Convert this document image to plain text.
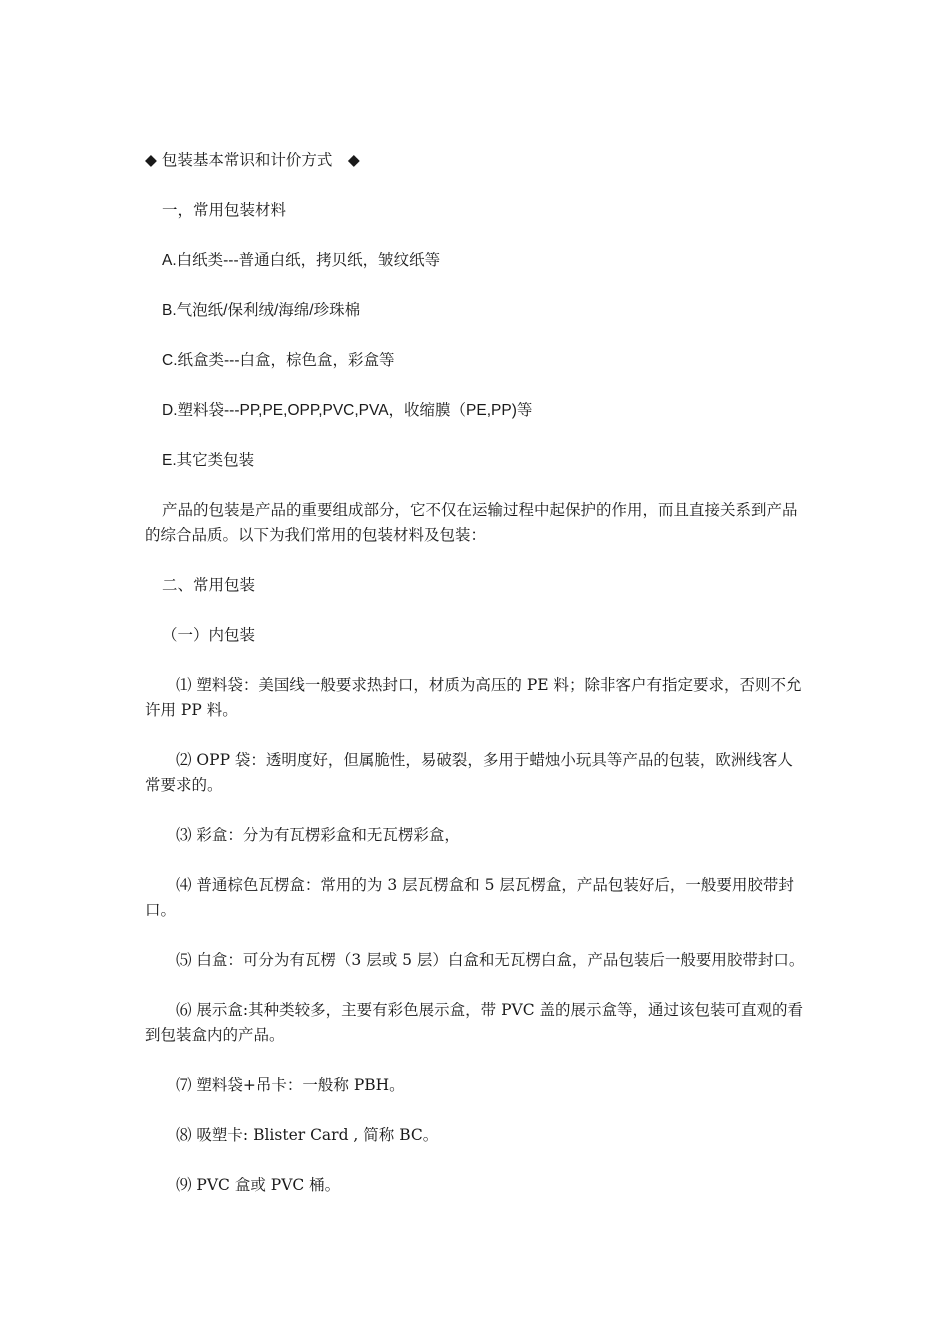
◆ 包装基本常识和计价方式　◆

一，常用包装材料

A.白纸类---普通白纸，拷贝纸，皱纹纸等

B.气泡纸/保利绒/海绵/珍珠棉

C.纸盒类---白盒，棕色盒，彩盒等

D.塑料袋---PP,PE,OPP,PVC,PVA，收缩膜（PE,PP)等

E.其它类包装

产品的包装是产品的重要组成部分，它不仅在运输过程中起保护的作用，而且直接关系到产品的综合品质。以下为我们常用的包装材料及包装：

二、常用包装

（一）内包装

⑴ 塑料袋：美国线一般要求热封口，材质为高压的 PE 料；除非客户有指定要求，否则不允许用 PP 料。

⑵ OPP 袋：透明度好，但属脆性，易破裂，多用于蜡烛小玩具等产品的包装，欧洲线客人常要求的。

⑶ 彩盒：分为有瓦楞彩盒和无瓦楞彩盒，

⑷ 普通棕色瓦楞盒：常用的为 3 层瓦楞盒和 5 层瓦楞盒，产品包装好后，一般要用胶带封口。

⑸ 白盒：可分为有瓦楞（3 层或 5 层）白盒和无瓦楞白盒，产品包装后一般要用胶带封口。

⑹ 展示盒:其种类较多，主要有彩色展示盒，带 PVC 盖的展示盒等，通过该包装可直观的看到包装盒内的产品。

⑺ 塑料袋+吊卡：一般称 PBH。

⑻ 吸塑卡: Blister Card , 简称 BC。

⑼ PVC 盒或 PVC 桶。
